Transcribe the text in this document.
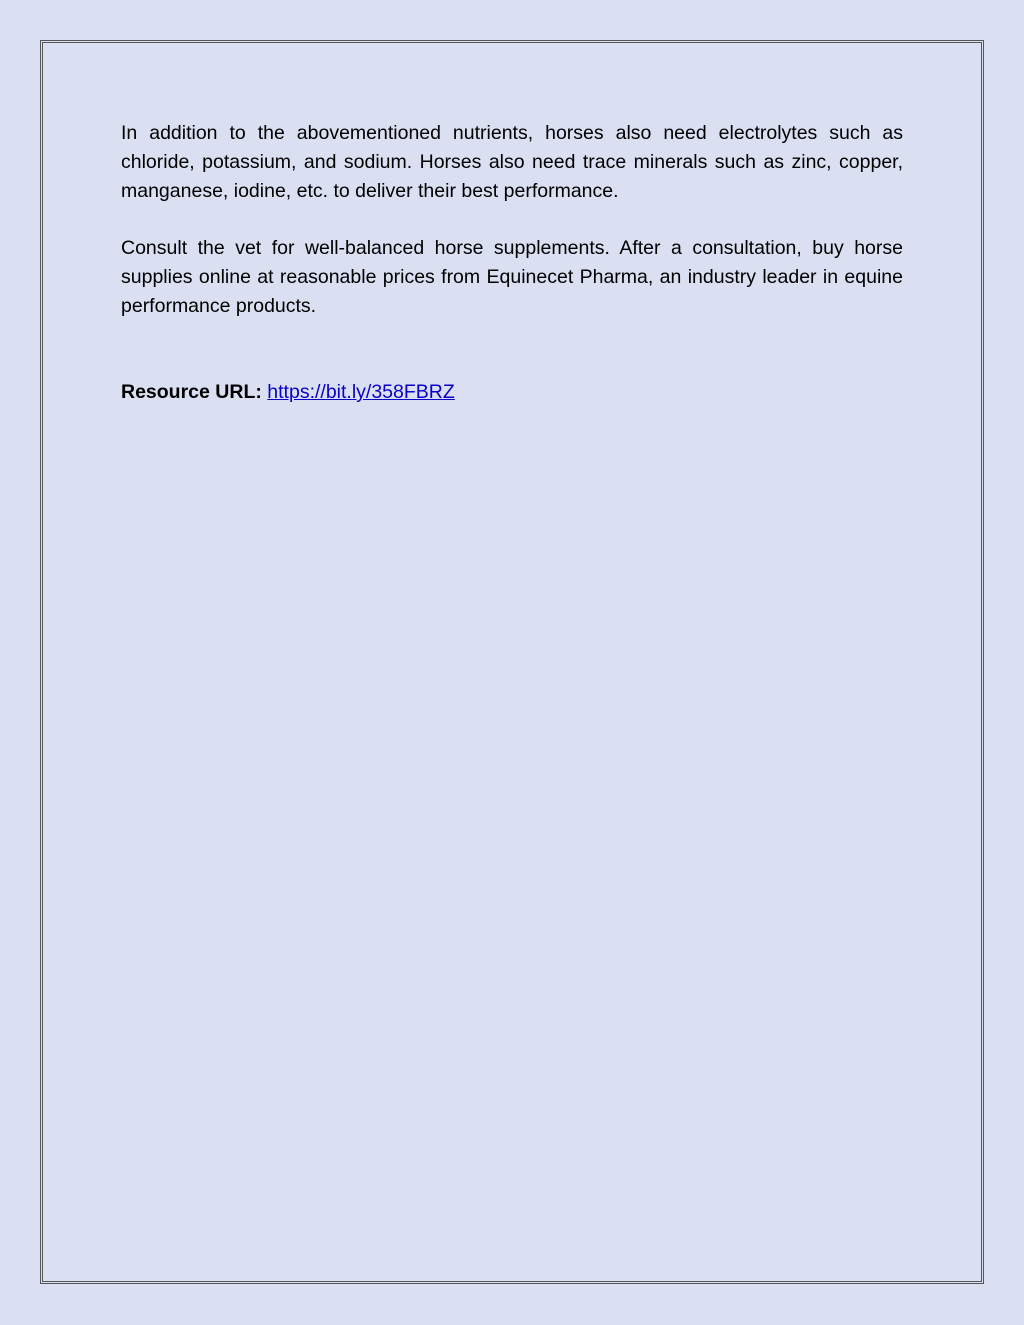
In addition to the abovementioned nutrients, horses also need electrolytes such as chloride, potassium, and sodium. Horses also need trace minerals such as zinc, copper, manganese, iodine, etc. to deliver their best performance.

Consult the vet for well-balanced horse supplements. After a consultation, buy horse supplies online at reasonable prices from Equinecet Pharma, an industry leader in equine performance products.

Resource URL: https://bit.ly/358FBRZ
